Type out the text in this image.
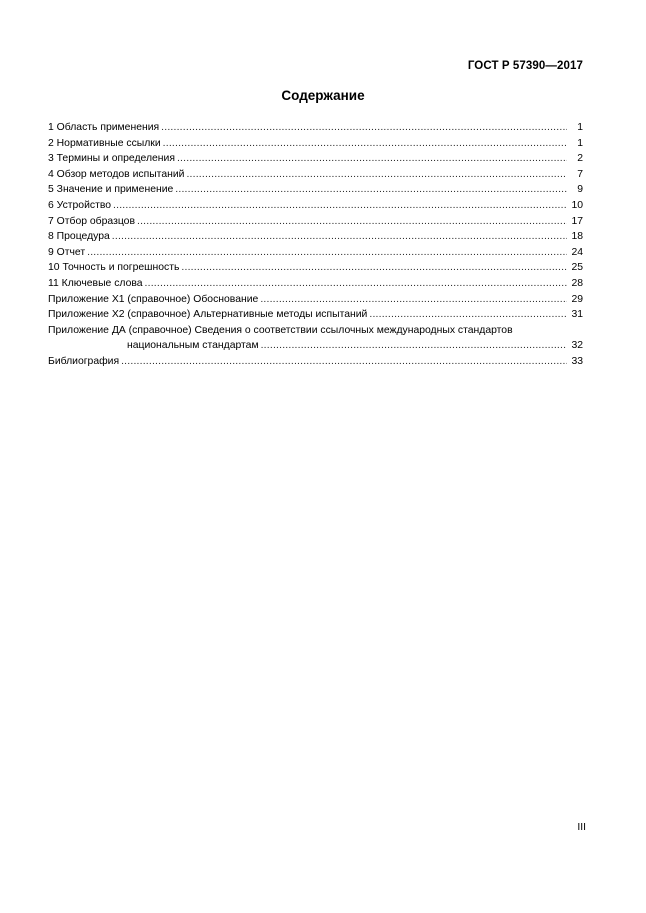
ГОСТ Р 57390—2017
Содержание
1 Область применения .....	1
2 Нормативные ссылки .....	1
3 Термины и определения .....	2
4 Обзор методов испытаний .....	7
5 Значение и применение .....	9
6 Устройство .....	10
7 Отбор образцов .....	17
8 Процедура .....	18
9 Отчет .....	24
10 Точность и погрешность .....	25
11 Ключевые слова .....	28
Приложение Х1 (справочное) Обоснование .....	29
Приложение Х2 (справочное) Альтернативные методы испытаний .....	31
Приложение ДА (справочное) Сведения о соответствии ссылочных международных стандартов
национальным стандартам .....	32
Библиография .....	33
III
